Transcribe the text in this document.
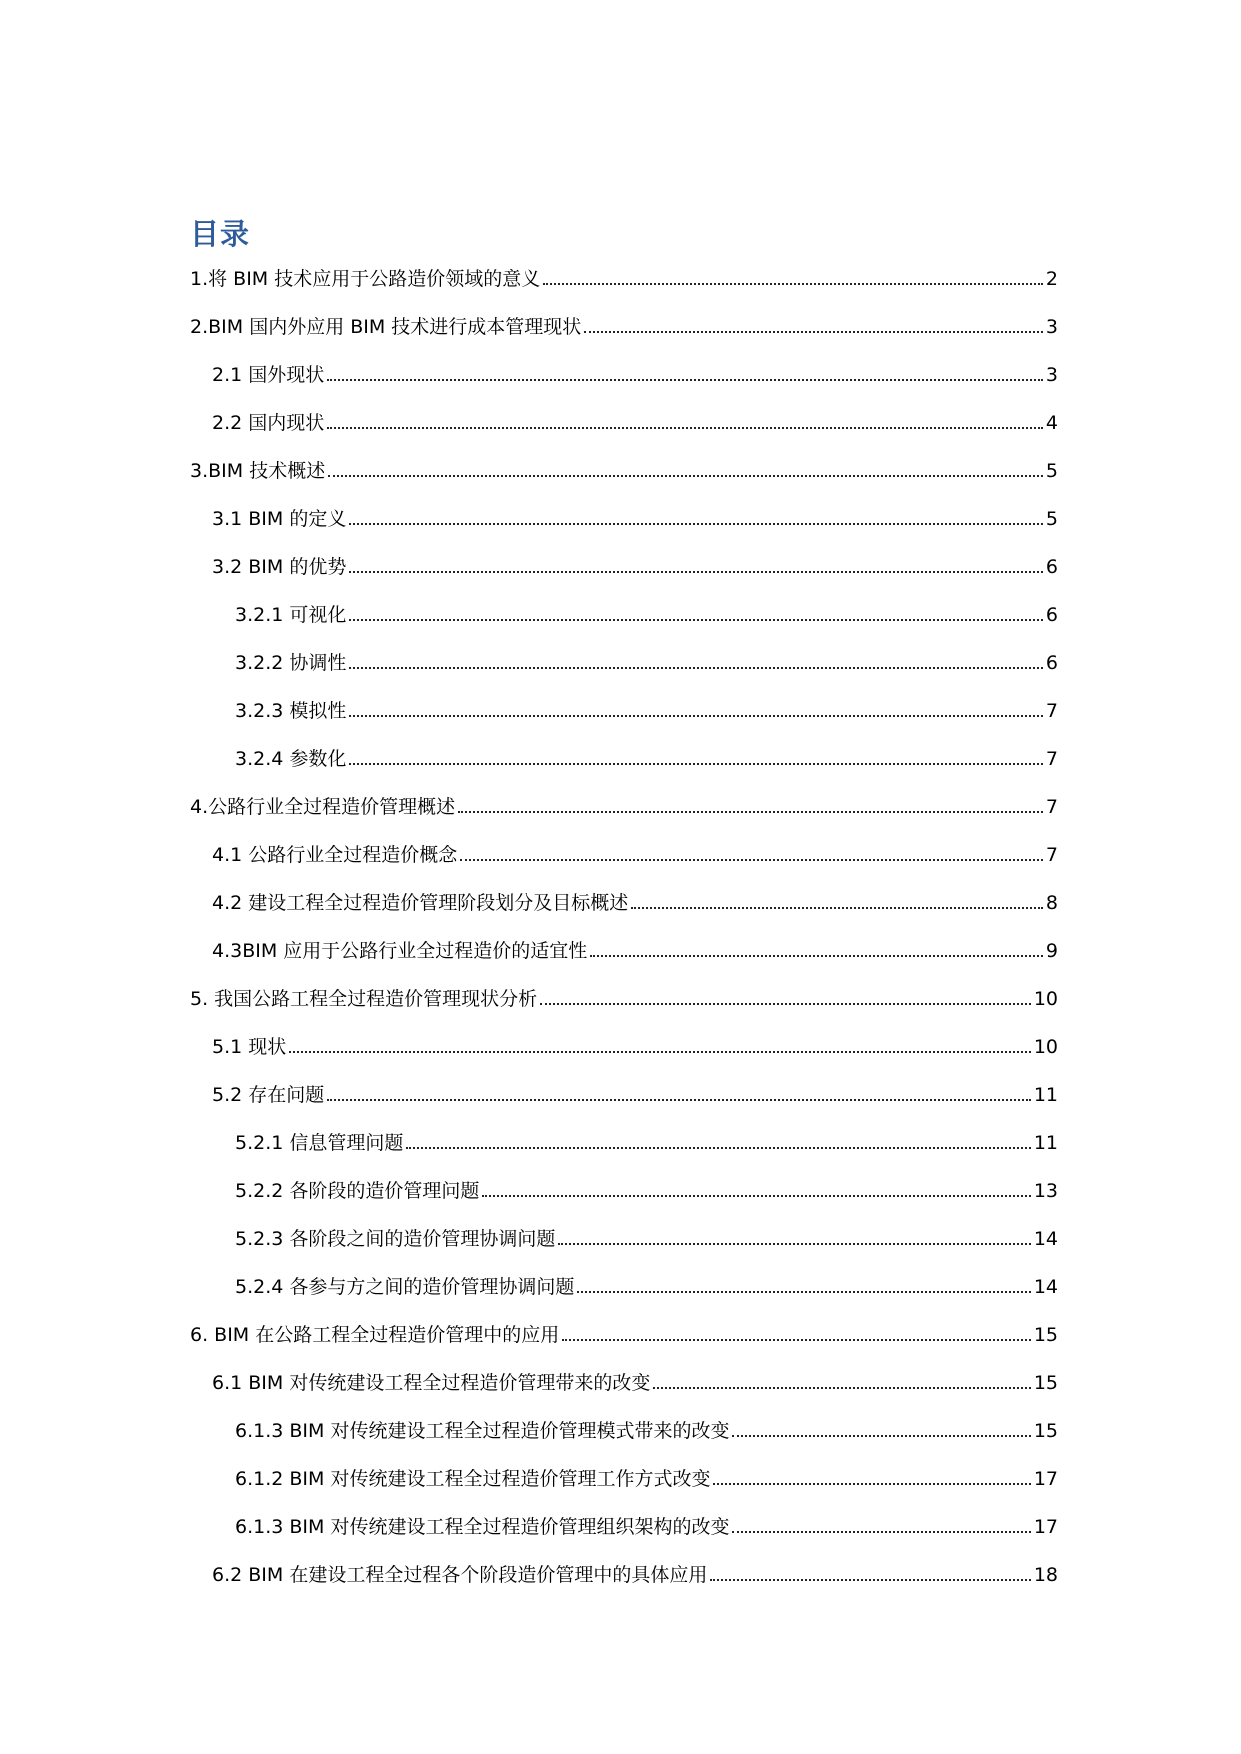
目录
1.将 BIM 技术应用于公路造价领域的意义	2
2.BIM 国内外应用 BIM 技术进行成本管理现状	3
2.1 国外现状	3
2.2 国内现状	4
3.BIM 技术概述	5
3.1 BIM 的定义	5
3.2 BIM 的优势	6
3.2.1 可视化	6
3.2.2 协调性	6
3.2.3 模拟性	7
3.2.4 参数化	7
4.公路行业全过程造价管理概述	7
4.1 公路行业全过程造价概念	7
4.2 建设工程全过程造价管理阶段划分及目标概述	8
4.3BIM 应用于公路行业全过程造价的适宜性	9
5. 我国公路工程全过程造价管理现状分析	10
5.1 现状	10
5.2 存在问题	11
5.2.1 信息管理问题	11
5.2.2 各阶段的造价管理问题	13
5.2.3 各阶段之间的造价管理协调问题	14
5.2.4 各参与方之间的造价管理协调问题	14
6. BIM 在公路工程全过程造价管理中的应用	15
6.1 BIM 对传统建设工程全过程造价管理带来的改变	15
6.1.3 BIM 对传统建设工程全过程造价管理模式带来的改变	15
6.1.2 BIM 对传统建设工程全过程造价管理工作方式改变	17
6.1.3 BIM 对传统建设工程全过程造价管理组织架构的改变	17
6.2 BIM 在建设工程全过程各个阶段造价管理中的具体应用	18
